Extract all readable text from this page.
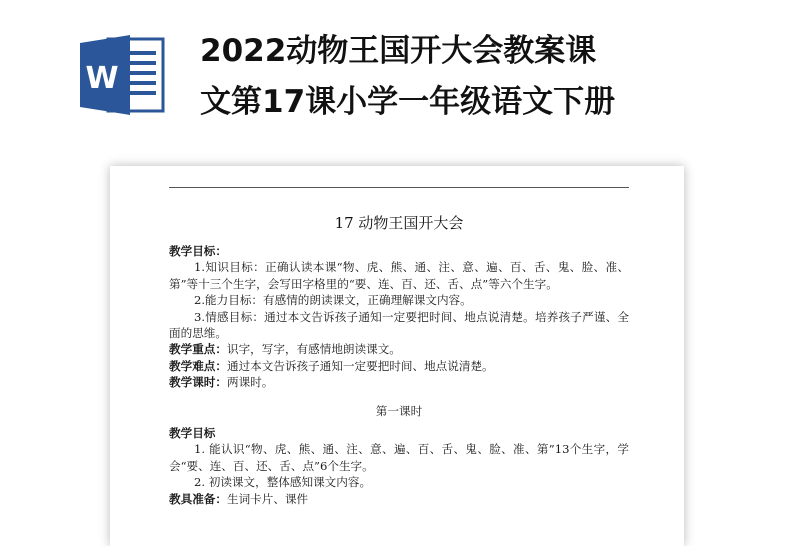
W
2022动物王国开大会教案课
文第17课小学一年级语文下册
17 动物王国开大会

教学目标：

1.知识目标：正确认读本课“物、虎、熊、通、注、意、遍、百、舌、鬼、脸、准、第”等十三个生字，会写田字格里的“要、连、百、还、舌、点”等六个生字。

2.能力目标：有感情的朗读课文，正确理解课文内容。

3.情感目标：通过本文告诉孩子通知一定要把时间、地点说清楚。培养孩子严谨、全面的思维。

教学重点：识字，写字，有感情地朗读课文。

教学难点：通过本文告诉孩子通知一定要把时间、地点说清楚。

教学课时：两课时。

第一课时

教学目标

1. 能认识“物、虎、熊、通、注、意、遍、百、舌、鬼、脸、准、第”13个生字，学会“要、连、百、还、舌、点”6个生字。

2. 初读课文，整体感知课文内容。

教具准备：生词卡片、课件
